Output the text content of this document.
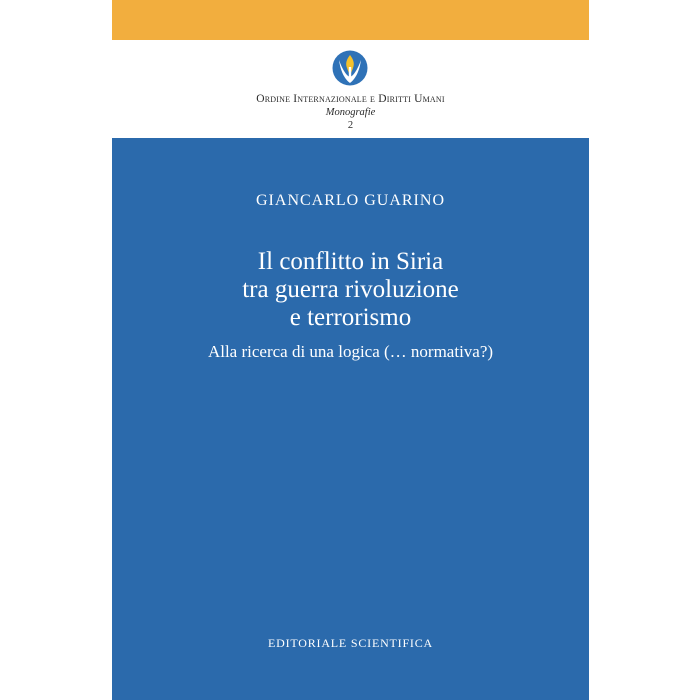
Ordine Internazionale e Diritti Umani
Monografie
2
GIANCARLO GUARINO
Il conflitto in Siria
tra guerra rivoluzione
e terrorismo
Alla ricerca di una logica (… normativa?)
EDITORIALE SCIENTIFICA
